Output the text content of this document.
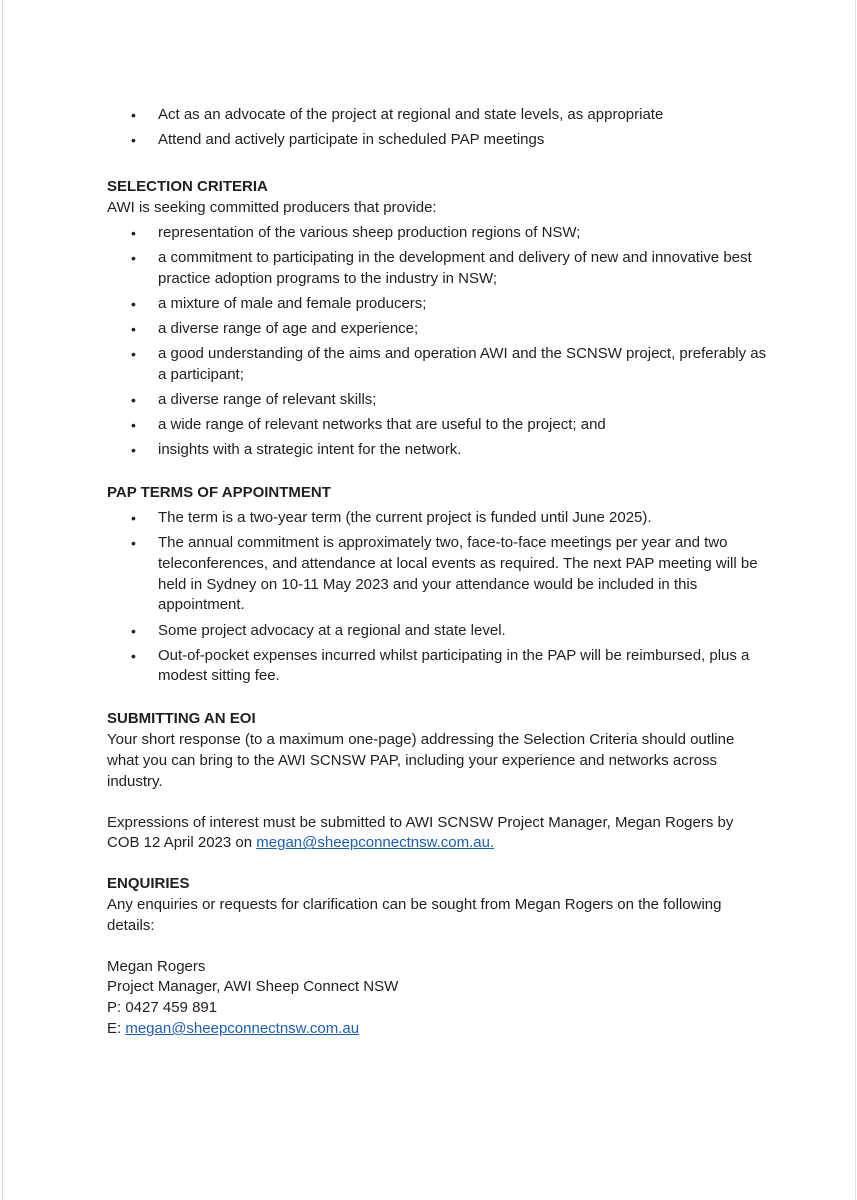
• Act as an advocate of the project at regional and state levels, as appropriate
• Attend and actively participate in scheduled PAP meetings
SELECTION CRITERIA

AWI is seeking committed producers that provide:

• representation of the various sheep production regions of NSW;
• a commitment to participating in the development and delivery of new and innovative best practice adoption programs to the industry in NSW;
• a mixture of male and female producers;
• a diverse range of age and experience;
• a good understanding of the aims and operation AWI and the SCNSW project, preferably as a participant;
• a diverse range of relevant skills;
• a wide range of relevant networks that are useful to the project; and
• insights with a strategic intent for the network.
PAP TERMS OF APPOINTMENT
• The term is a two-year term (the current project is funded until June 2025).
• The annual commitment is approximately two, face-to-face meetings per year and two teleconferences, and attendance at local events as required. The next PAP meeting will be held in Sydney on 10-11 May 2023 and your attendance would be included in this appointment.
• Some project advocacy at a regional and state level.
• Out-of-pocket expenses incurred whilst participating in the PAP will be reimbursed, plus a modest sitting fee.
SUBMITTING AN EOI

Your short response (to a maximum one-page) addressing the Selection Criteria should outline what you can bring to the AWI SCNSW PAP, including your experience and networks across industry.

Expressions of interest must be submitted to AWI SCNSW Project Manager, Megan Rogers by COB 12 April 2023 on megan@sheepconnectnsw.com.au.

ENQUIRIES

Any enquiries or requests for clarification can be sought from Megan Rogers on the following details:

Megan Rogers

Project Manager, AWI Sheep Connect NSW

P: 0427 459 891

E: megan@sheepconnectnsw.com.au
